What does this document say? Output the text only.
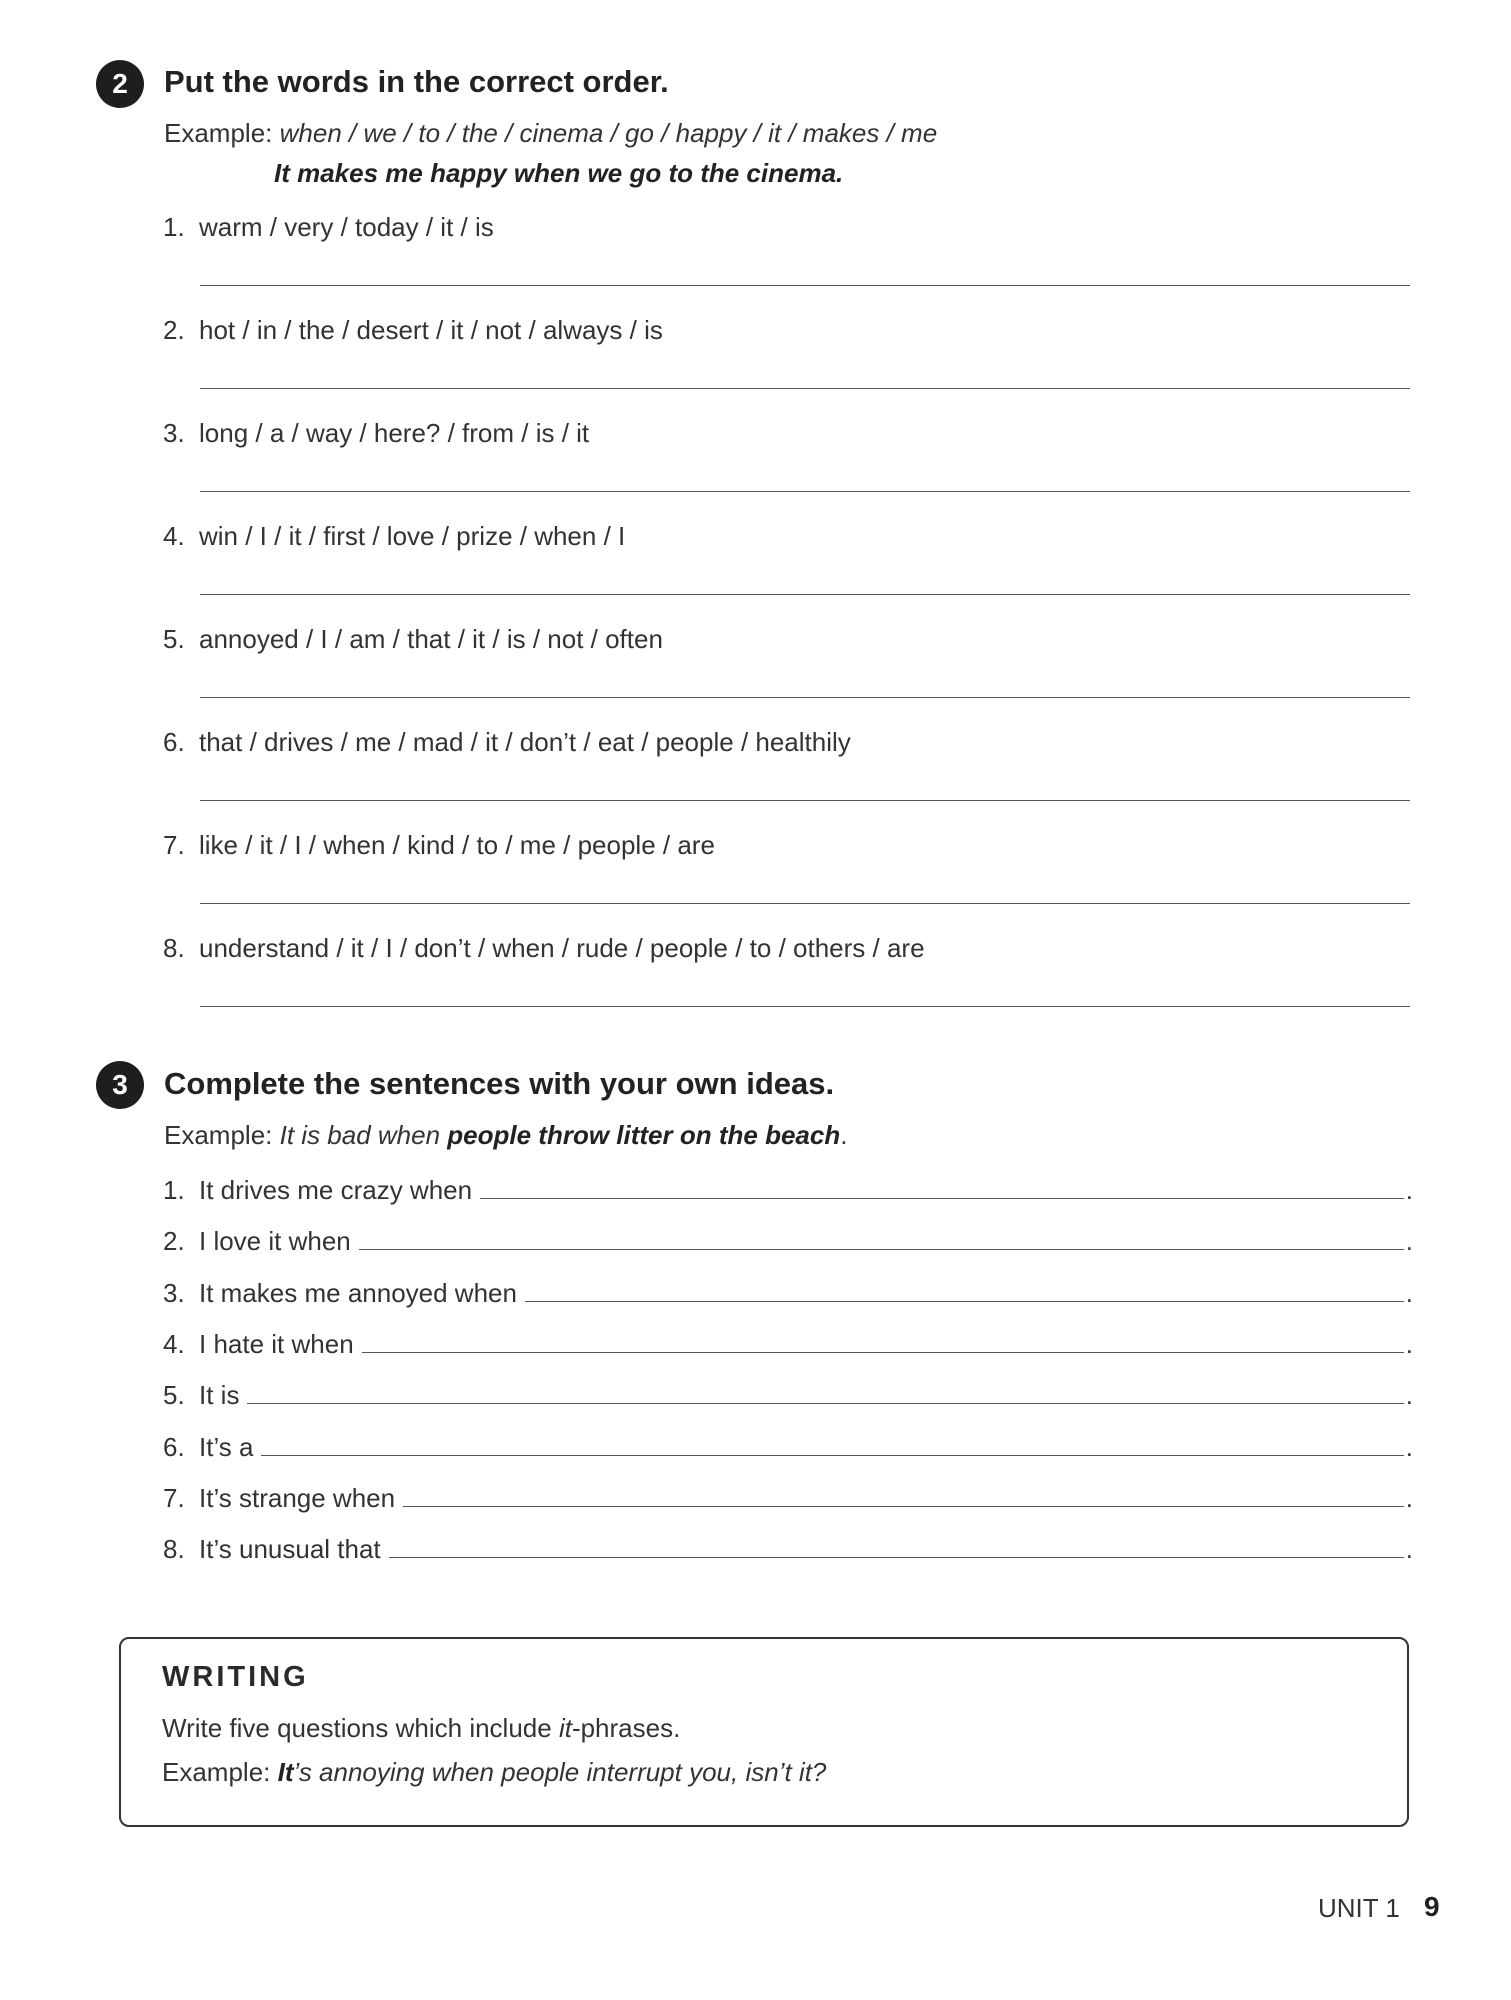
2 Put the words in the correct order.
Example: when / we / to / the / cinema / go / happy / it / makes / me
It makes me happy when we go to the cinema.
1. warm / very / today / it / is
2. hot / in / the / desert / it / not / always / is
3. long / a / way / here? / from / is / it
4. win / I / it / first / love / prize / when / I
5. annoyed / I / am / that / it / is / not / often
6. that / drives / me / mad / it / don’t / eat / people / healthily
7. like / it / I / when / kind / to / me / people / are
8. understand / it / I / don’t / when / rude / people / to / others / are
3 Complete the sentences with your own ideas.
Example: It is bad when people throw litter on the beach.
1. It drives me crazy when	.
2. I love it when	.
3. It makes me annoyed when	.
4. I hate it when	.
5. It is	.
6. It’s a	.
7. It’s strange when	.
8. It’s unusual that	.
WRITING
Write five questions which include it-phrases.
Example: It’s annoying when people interrupt you, isn’t it?
UNIT 1 9
